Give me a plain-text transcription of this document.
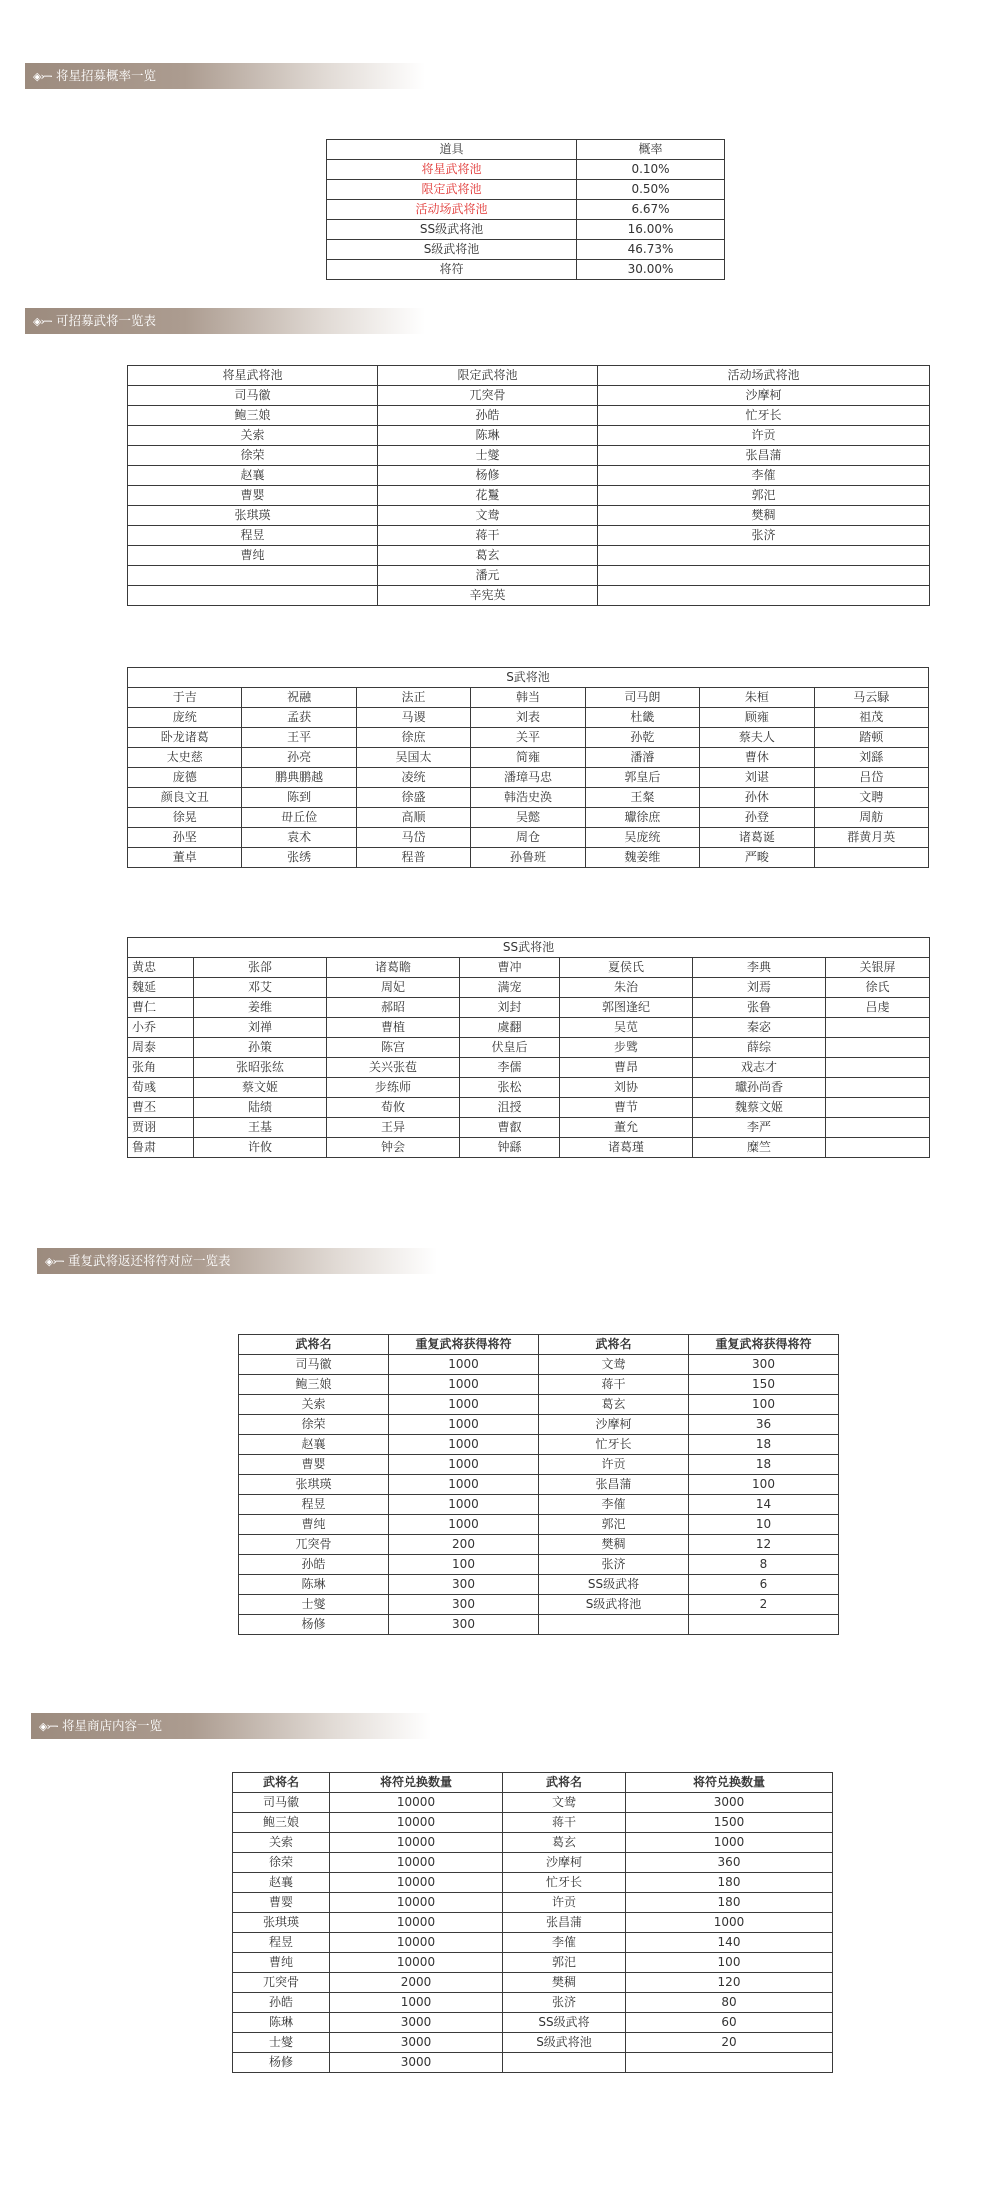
◈›─· 将星招募概率一览
道具	概率
将星武将池	0.10%
限定武将池	0.50%
活动场武将池	6.67%
SS级武将池	16.00%
S级武将池	46.73%
将符	30.00%
◈›─· 可招募武将一览表
将星武将池	限定武将池	活动场武将池
司马徽	兀突骨	沙摩柯
鲍三娘	孙皓	忙牙长
关索	陈琳	许贡
徐荣	士燮	张昌蒲
赵襄	杨修	李傕
曹婴	花鬘	郭汜
张琪瑛	文鸯	樊稠
程昱	蒋干	张济
曹纯	葛玄	
	潘元	
	辛宪英	
S武将池						
于吉	祝融	法正	韩当	司马朗	朱桓	马云騄
庞统	孟获	马谡	刘表	杜畿	顾雍	祖茂
卧龙诸葛	王平	徐庶	关平	孙乾	蔡夫人	踏顿
太史慈	孙亮	吴国太	简雍	潘濬	曹休	刘繇
庞德	鹏典鹏越	凌统	潘璋马忠	郭皇后	刘谌	吕岱
颜良文丑	陈到	徐盛	韩浩史涣	王粲	孙休	文聘
徐晃	毌丘俭	高顺	吴懿	瓛徐庶	孙登	周舫
孙坚	袁术	马岱	周仓	吴庞统	诸葛诞	群黄月英
董卓	张绣	程普	孙鲁班	魏姜维	严畯	
SS武将池						
黄忠	张郃	诸葛瞻	曹冲	夏侯氏	李典	关银屏
魏延	邓艾	周妃	满宠	朱治	刘焉	徐氏
曹仁	姜维	郝昭	刘封	郭图逢纪	张鲁	吕虔
小乔	刘禅	曹植	虞翻	吴苋	秦宓	
周泰	孙策	陈宫	伏皇后	步骘	薛综	
张角	张昭张纮	关兴张苞	李儒	曹昂	戏志才	
荀彧	蔡文姬	步练师	张松	刘协	瓛孙尚香	
曹丕	陆绩	荀攸	沮授	曹节	魏蔡文姬	
贾诩	王基	王异	曹叡	董允	李严	
鲁肃	许攸	钟会	钟繇	诸葛瑾	糜竺	
◈›─· 重复武将返还将符对应一览表
武将名	重复武将获得将符	武将名	重复武将获得将符
司马徽	1000	文鸯	300
鲍三娘	1000	蒋干	150
关索	1000	葛玄	100
徐荣	1000	沙摩柯	36
赵襄	1000	忙牙长	18
曹婴	1000	许贡	18
张琪瑛	1000	张昌蒲	100
程昱	1000	李傕	14
曹纯	1000	郭汜	10
兀突骨	200	樊稠	12
孙皓	100	张济	8
陈琳	300	SS级武将	6
士燮	300	S级武将池	2
杨修	300		
◈›─· 将星商店内容一览
武将名	将符兑换数量	武将名	将符兑换数量
司马徽	10000	文鸯	3000
鲍三娘	10000	蒋干	1500
关索	10000	葛玄	1000
徐荣	10000	沙摩柯	360
赵襄	10000	忙牙长	180
曹婴	10000	许贡	180
张琪瑛	10000	张昌蒲	1000
程昱	10000	李傕	140
曹纯	10000	郭汜	100
兀突骨	2000	樊稠	120
孙皓	1000	张济	80
陈琳	3000	SS级武将	60
士燮	3000	S级武将池	20
杨修	3000		
